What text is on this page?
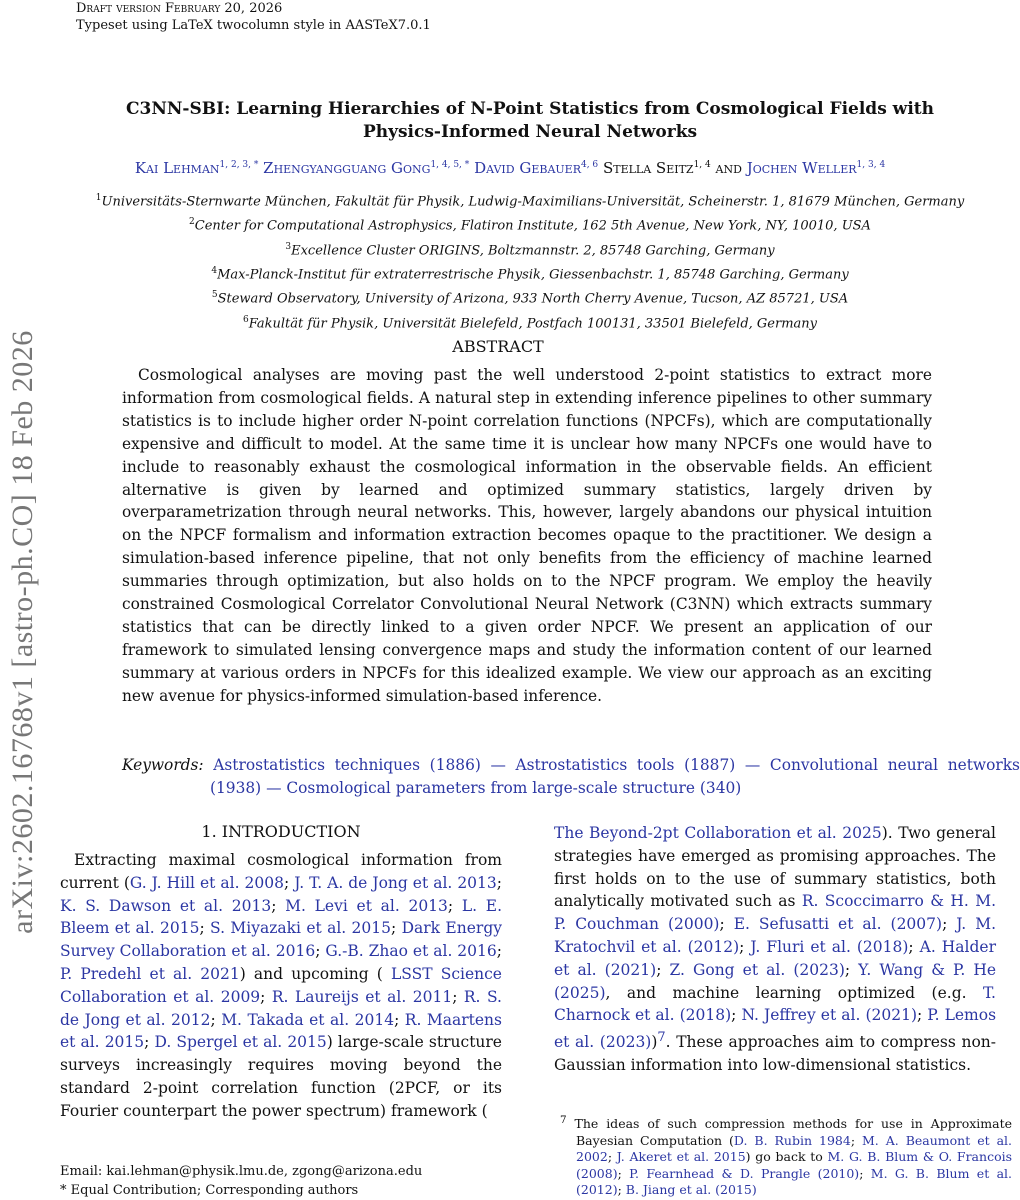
Draft version February 20, 2026
Typeset using LaTeX twocolumn style in AASTeX7.0.1
arXiv:2602.16768v1 [astro-ph.CO] 18 Feb 2026
C3NN-SBI: Learning Hierarchies of N-Point Statistics from Cosmological Fields with Physics-Informed Neural Networks
Kai Lehman$^{1, 2, 3, *}$ Zhengyangguang Gong$^{1, 4, 5, *}$ David Gebauer$^{4, 6}$ Stella Seitz$^{1, 4}$ and Jochen Weller$^{1, 3, 4}$
$^1$Universitäts-Sternwarte München, Fakultät für Physik, Ludwig-Maximilians-Universität, Scheinerstr. 1, 81679 München, Germany
$^2$Center for Computational Astrophysics, Flatiron Institute, 162 5th Avenue, New York, NY, 10010, USA
$^3$Excellence Cluster ORIGINS, Boltzmannstr. 2, 85748 Garching, Germany
$^4$Max-Planck-Institut für extraterrestrische Physik, Giessenbachstr. 1, 85748 Garching, Germany
$^5$Steward Observatory, University of Arizona, 933 North Cherry Avenue, Tucson, AZ 85721, USA
$^6$Fakultät für Physik, Universität Bielefeld, Postfach 100131, 33501 Bielefeld, Germany
ABSTRACT

Cosmological analyses are moving past the well understood 2-point statistics to extract more information from cosmological fields. A natural step in extending inference pipelines to other summary statistics is to include higher order N-point correlation functions (NPCFs), which are computationally expensive and difficult to model. At the same time it is unclear how many NPCFs one would have to include to reasonably exhaust the cosmological information in the observable fields. An efficient alternative is given by learned and optimized summary statistics, largely driven by overparametrization through neural networks. This, however, largely abandons our physical intuition on the NPCF formalism and information extraction becomes opaque to the practitioner. We design a simulation-based inference pipeline, that not only benefits from the efficiency of machine learned summaries through optimization, but also holds on to the NPCF program. We employ the heavily constrained Cosmological Correlator Convolutional Neural Network (C3NN) which extracts summary statistics that can be directly linked to a given order NPCF. We present an application of our framework to simulated lensing convergence maps and study the information content of our learned summary at various orders in NPCFs for this idealized example. We view our approach as an exciting new avenue for physics-informed simulation-based inference.

Keywords: Astrostatistics techniques (1886) — Astrostatistics tools (1887) — Convolutional neural networks (1938) — Cosmological parameters from large-scale structure (340)
1. INTRODUCTION

Extracting maximal cosmological information from current (G. J. Hill et al. 2008; J. T. A. de Jong et al. 2013; K. S. Dawson et al. 2013; M. Levi et al. 2013; L. E. Bleem et al. 2015; S. Miyazaki et al. 2015; Dark Energy Survey Collaboration et al. 2016; G.-B. Zhao et al. 2016; P. Predehl et al. 2021) and upcoming ( LSST Science Collaboration et al. 2009; R. Laureijs et al. 2011; R. S. de Jong et al. 2012; M. Takada et al. 2014; R. Maartens et al. 2015; D. Spergel et al. 2015) large-scale structure surveys increasingly requires moving beyond the standard 2-point correlation function (2PCF, or its Fourier counterpart the power spectrum) framework (

The Beyond-2pt Collaboration et al. 2025). Two general strategies have emerged as promising approaches. The first holds on to the use of summary statistics, both analytically motivated such as R. Scoccimarro & H. M. P. Couchman (2000); E. Sefusatti et al. (2007); J. M. Kratochvil et al. (2012); J. Fluri et al. (2018); A. Halder et al. (2021); Z. Gong et al. (2023); Y. Wang & P. He (2025), and machine learning optimized (e.g. T. Charnock et al. (2018); N. Jeffrey et al. (2021); P. Lemos et al. (2023))$^7$. These approaches aim to compress non-Gaussian information into low-dimensional statistics.

$^7$ The ideas of such compression methods for use in Approximate Bayesian Computation (D. B. Rubin 1984; M. A. Beaumont et al. 2002; J. Akeret et al. 2015) go back to M. G. B. Blum & O. Francois (2008); P. Fearnhead & D. Prangle (2010); M. G. B. Blum et al. (2012); B. Jiang et al. (2015)
Email: kai.lehman@physik.lmu.de, zgong@arizona.edu
* Equal Contribution; Corresponding authors
